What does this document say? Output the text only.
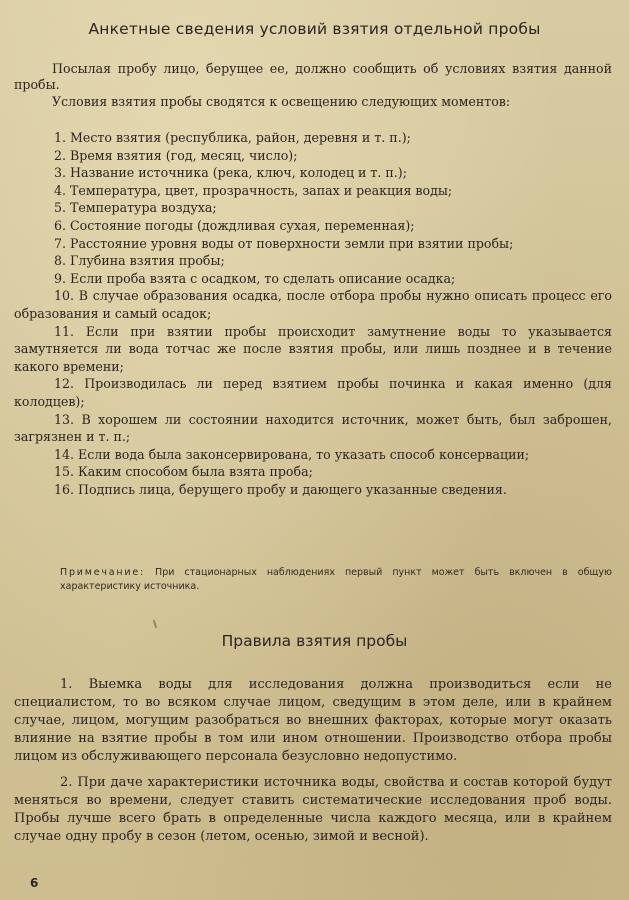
Анкетные сведения условий взятия отдельной пробы

Посылая пробу лицо, берущее ее, должно сообщить об условиях взятия данной пробы.

Условия взятия пробы сводятся к освещению следующих моментов:

1. Место взятия (республика, район, деревня и т. п.);

2. Время взятия (год, месяц, число);

3. Название источника (река, ключ, колодец и т. п.);

4. Температура, цвет, прозрачность, запах и реакция воды;

5. Температура воздуха;

6. Состояние погоды (дождливая сухая, переменная);

7. Расстояние уровня воды от поверхности земли при взятии пробы;

8. Глубина взятия пробы;

9. Если проба взята с осадком, то сделать описание осадка;

10. В случае образования осадка, после отбора пробы нужно описать процесс его образования и самый осадок;

11. Если при взятии пробы происходит замутнение воды то указывается замутняется ли вода тотчас же после взятия пробы, или лишь позднее и в течение какого времени;

12. Производилась ли перед взятием пробы починка и какая именно (для колодцев);

13. В хорошем ли состоянии находится источник, может быть, был заброшен, загрязнен и т. п.;

14. Если вода была законсервирована, то указать способ консервации;

15. Каким способом была взята проба;

16. Подпись лица, берущего пробу и дающего указанные сведения.

Примечание: При стационарных наблюдениях первый пункт может быть включен в общую характеристику источника.
Правила взятия пробы

1. Выемка воды для исследования должна производиться если не специалистом, то во всяком случае лицом, сведущим в этом деле, или в крайнем случае, лицом, могущим разобраться во внешних факторах, которые могут оказать влияние на взятие пробы в том или ином отношении. Производство отбора пробы лицом из обслуживающего персонала безусловно недопустимо.

2. При даче характеристики источника воды, свойства и состав которой будут меняться во времени, следует ставить систематические исследования проб воды. Пробы лучше всего брать в определенные числа каждого месяца, или в крайнем случае одну пробу в сезон (летом, осенью, зимой и весной).

6
